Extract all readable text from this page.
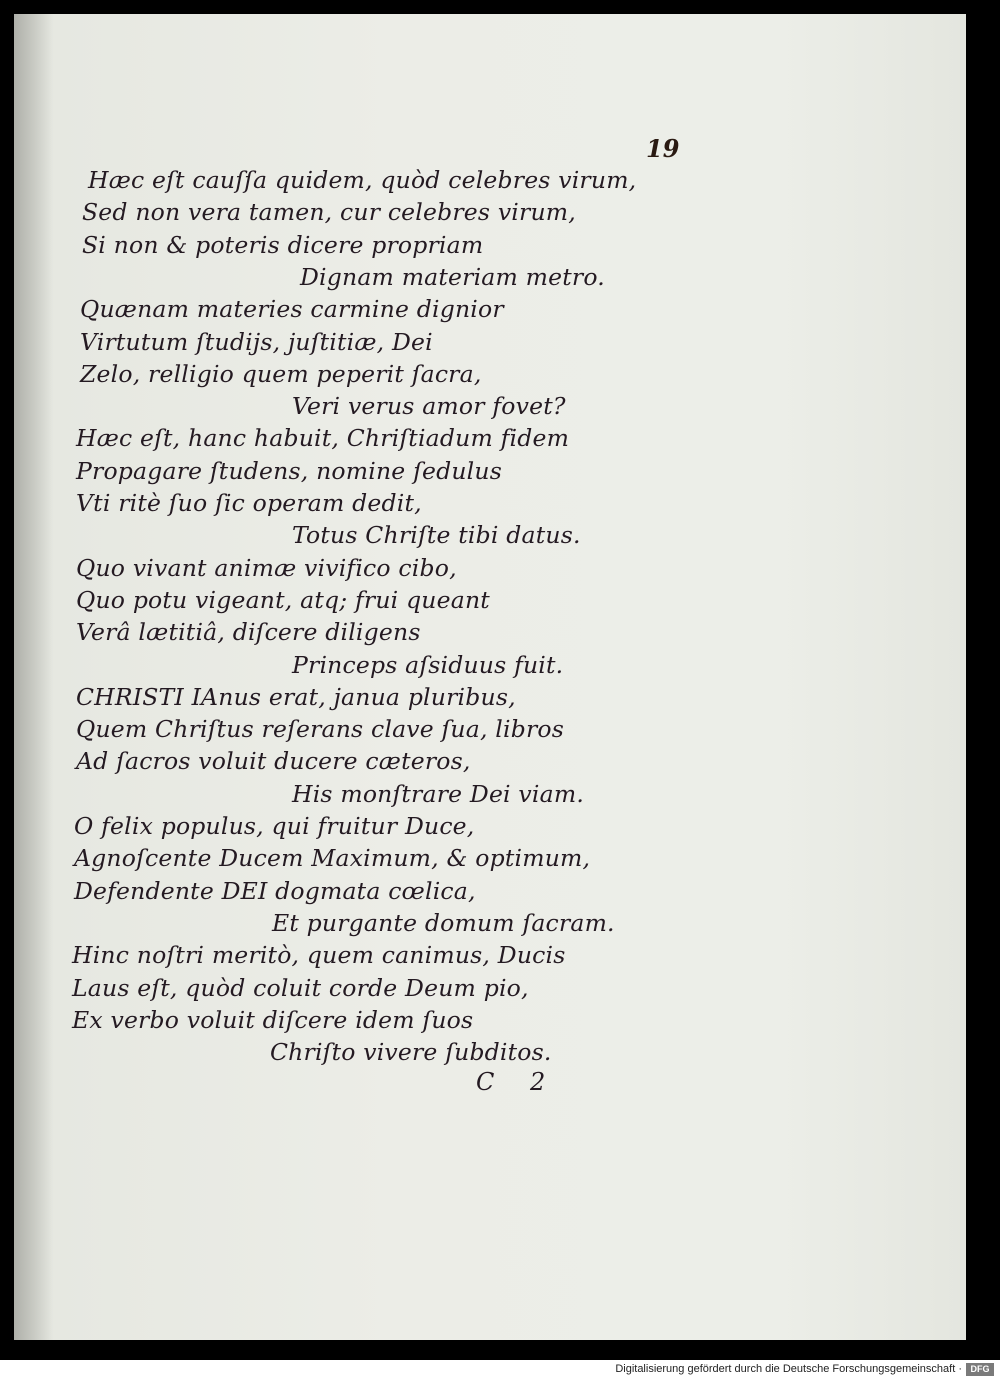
19
C 2
Hæc eſt cauſſa quidem, quòd celebres virum,
Sed non vera tamen, cur celebres virum,
Si non & poteris dicere propriam
Dignam materiam metro.
Quænam materies carmine dignior
Virtutum ſtudijs, juſtitiæ, Dei
Zelo, relligio quem peperit ſacra,
Veri verus amor fovet?
Hæc eſt, hanc habuit, Chriſtiadum fidem
Propagare ſtudens, nomine ſedulus
Vti ritè ſuo ſic operam dedit,
Totus Chriſte tibi datus.
Quo vivant animæ vivifico cibo,
Quo potu vigeant, atq; frui queant
Verâ lætitiâ, diſcere diligens
Princeps aſsiduus fuit.
CHRISTI IAnus erat, janua pluribus,
Quem Chriſtus reſerans clave ſua, libros
Ad ſacros voluit ducere cæteros,
His monſtrare Dei viam.
O felix populus, qui fruitur Duce,
Agnoſcente Ducem Maximum, & optimum,
Defendente DEI dogmata cœlica,
Et purgante domum ſacram.
Hinc noſtri meritò, quem canimus, Ducis
Laus eſt, quòd coluit corde Deum pio,
Ex verbo voluit diſcere idem ſuos
Chriſto vivere ſubditos.
Digitalisierung gefördert durch die Deutsche Forschungsgemeinschaft · DFG
